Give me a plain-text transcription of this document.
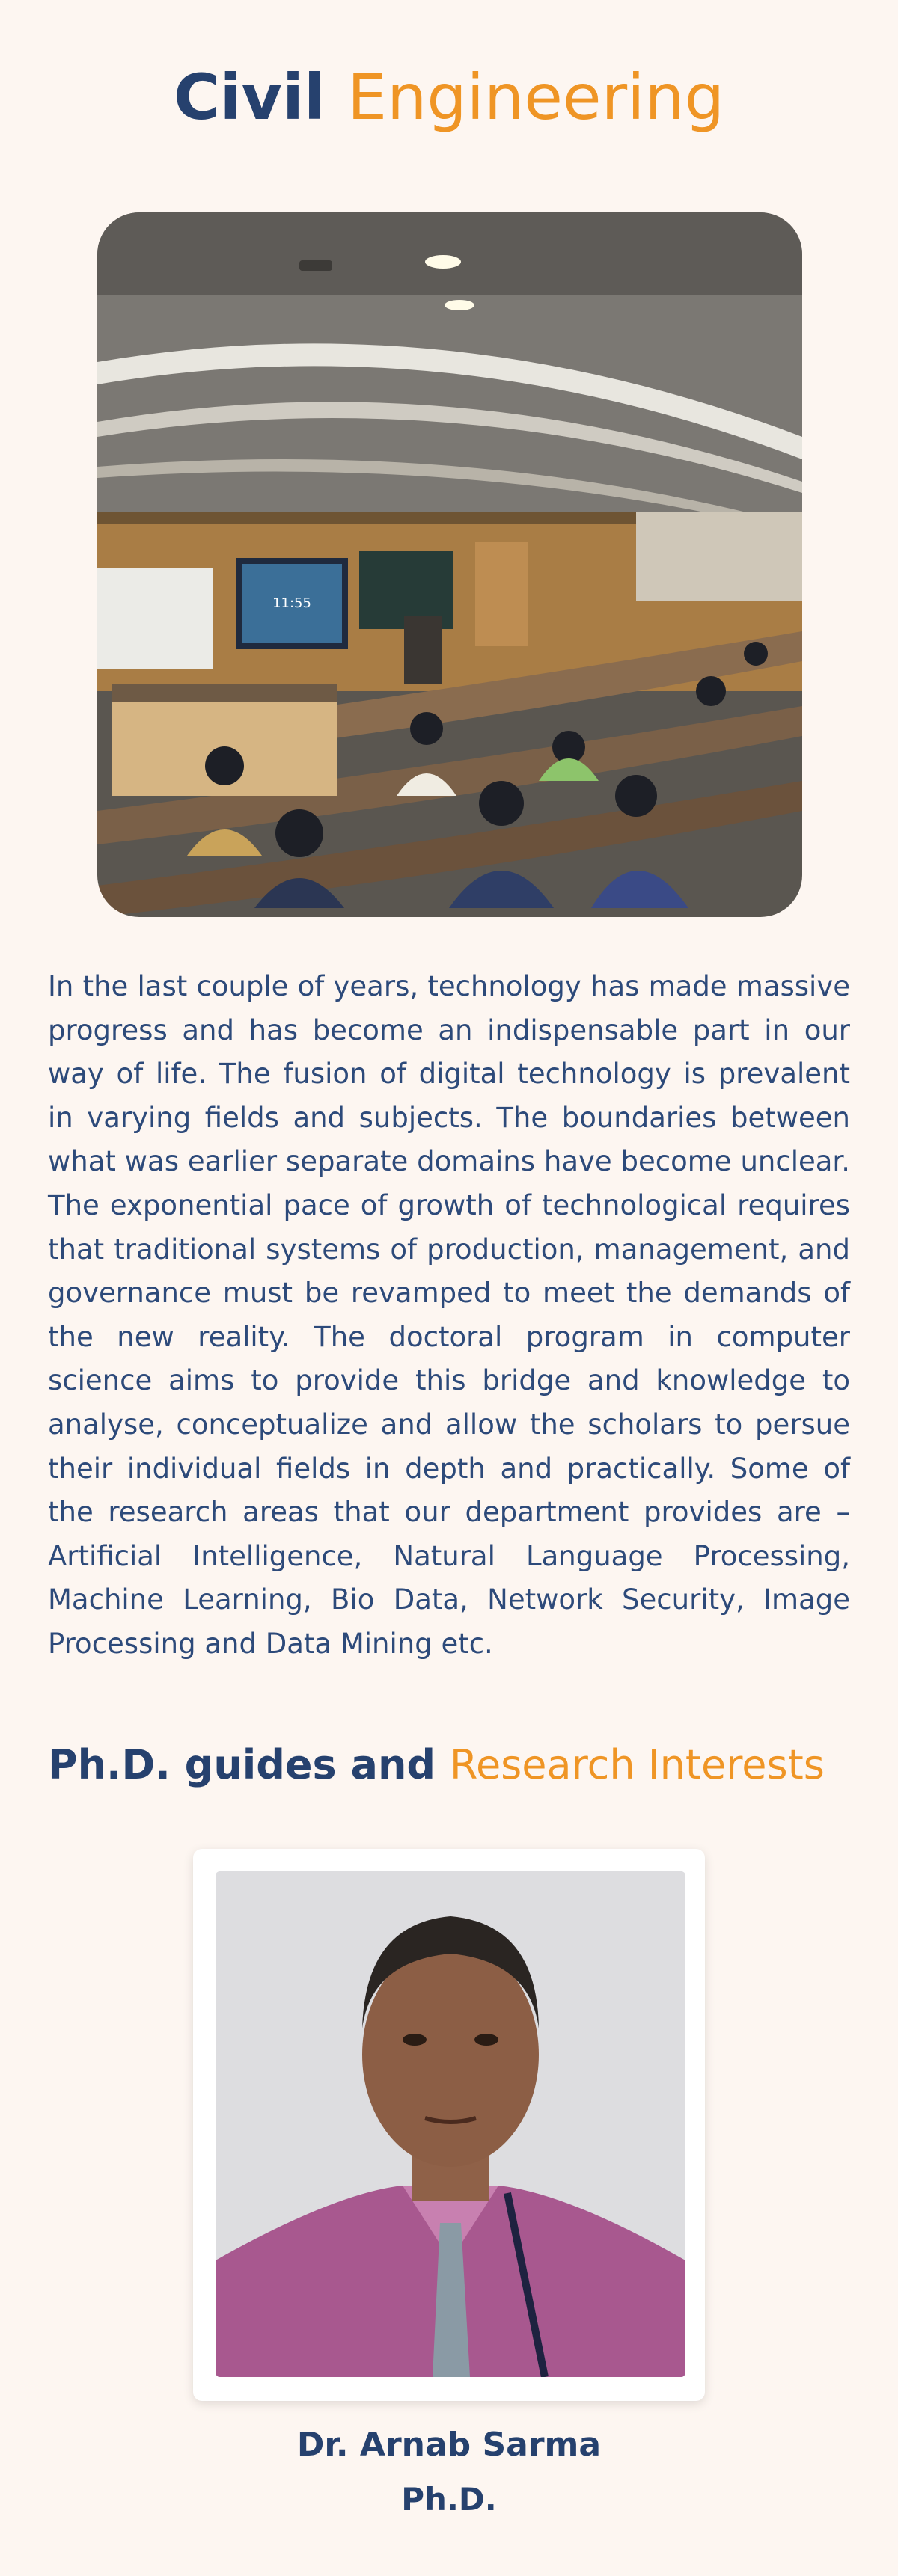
Civil Engineering
11:55

In the last couple of years, technology has made massive progress and has become an indispensable part in our way of life. The fusion of digital technology is prevalent in varying fields and subjects. The boundaries between what was earlier separate domains have become unclear. The exponential pace of growth of technological requires that traditional systems of production, management, and governance must be revamped to meet the demands of the new reality. The doctoral program in computer science aims to provide this bridge and knowledge to analyse, conceptualize and allow the scholars to persue their individual fields in depth and practically. Some of the research areas that our department provides are – Artificial Intelligence, Natural Language Processing, Machine Learning, Bio Data, Network Security, Image Processing and Data Mining etc.

Ph.D. guides and Research Interests

Dr. Arnab Sarma

Ph.D.
